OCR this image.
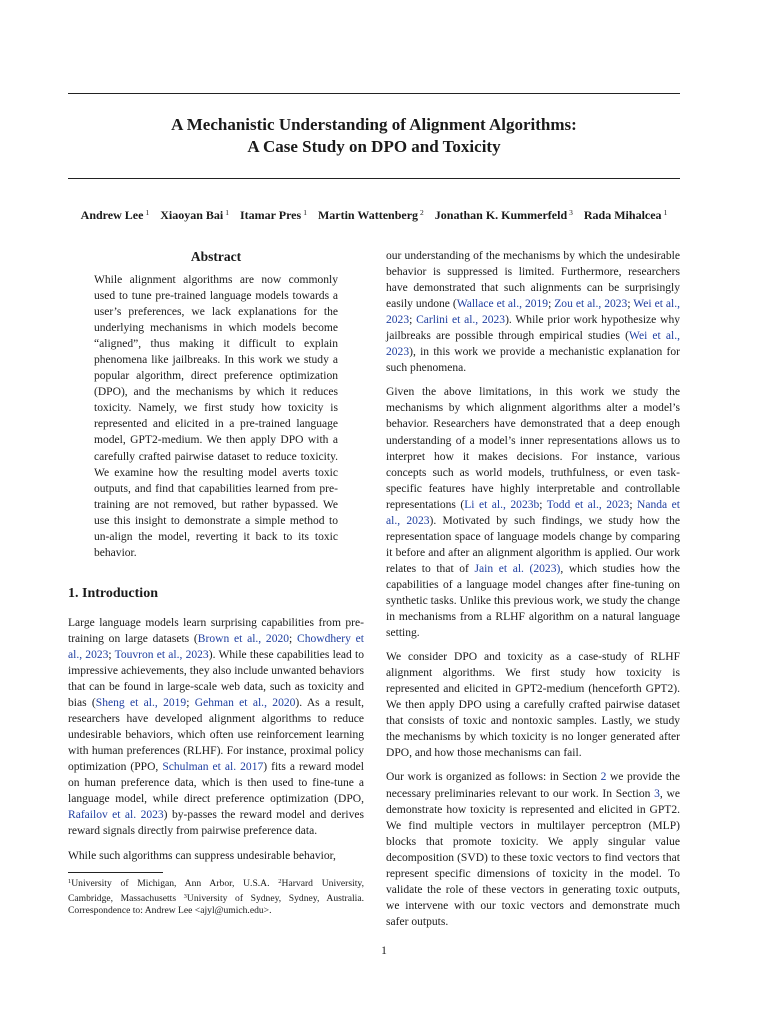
A Mechanistic Understanding of Alignment Algorithms:
A Case Study on DPO and Toxicity
Andrew Lee $^1$ Xiaoyan Bai $^1$ Itamar Pres $^1$ Martin Wattenberg $^2$ Jonathan K. Kummerfeld $^3$ Rada Mihalcea $^1$
Abstract

While alignment algorithms are now commonly used to tune pre-trained language models towards a user’s preferences, we lack explanations for the underlying mechanisms in which models become “aligned”, thus making it difficult to explain phenomena like jailbreaks. In this work we study a popular algorithm, direct preference optimization (DPO), and the mechanisms by which it reduces toxicity. Namely, we first study how toxicity is represented and elicited in a pre-trained language model, GPT2-medium. We then apply DPO with a carefully crafted pairwise dataset to reduce toxicity. We examine how the resulting model averts toxic outputs, and find that capabilities learned from pre-training are not removed, but rather bypassed. We use this insight to demonstrate a simple method to un-align the model, reverting it back to its toxic behavior.

1. Introduction

Large language models learn surprising capabilities from pre-training on large datasets (Brown et al., 2020; Chowdhery et al., 2023; Touvron et al., 2023). While these capabilities lead to impressive achievements, they also include unwanted behaviors that can be found in large-scale web data, such as toxicity and bias (Sheng et al., 2019; Gehman et al., 2020). As a result, researchers have developed alignment algorithms to reduce undesirable behaviors, which often use reinforcement learning with human preferences (RLHF). For instance, proximal policy optimization (PPO, Schulman et al. 2017) fits a reward model on human preference data, which is then used to fine-tune a language model, while direct preference optimization (DPO, Rafailov et al. 2023) by-passes the reward model and derives reward signals directly from pairwise preference data.

While such algorithms can suppress undesirable behavior,

$^1$University of Michigan, Ann Arbor, U.S.A. $^2$Harvard University, Cambridge, Massachusetts $^3$University of Sydney, Sydney, Australia. Correspondence to: Andrew Lee <ajyl@umich.edu>.

our understanding of the mechanisms by which the undesirable behavior is suppressed is limited. Furthermore, researchers have demonstrated that such alignments can be surprisingly easily undone (Wallace et al., 2019; Zou et al., 2023; Wei et al., 2023; Carlini et al., 2023). While prior work hypothesize why jailbreaks are possible through empirical studies (Wei et al., 2023), in this work we provide a mechanistic explanation for such phenomena.

Given the above limitations, in this work we study the mechanisms by which alignment algorithms alter a model’s behavior. Researchers have demonstrated that a deep enough understanding of a model’s inner representations allows us to interpret how it makes decisions. For instance, various concepts such as world models, truthfulness, or even task-specific features have highly interpretable and controllable representations (Li et al., 2023b; Todd et al., 2023; Nanda et al., 2023). Motivated by such findings, we study how the representation space of language models change by comparing it before and after an alignment algorithm is applied. Our work relates to that of Jain et al. (2023), which studies how the capabilities of a language model changes after fine-tuning on synthetic tasks. Unlike this previous work, we study the change in mechanisms from a RLHF algorithm on a natural language setting.

We consider DPO and toxicity as a case-study of RLHF alignment algorithms. We first study how toxicity is represented and elicited in GPT2-medium (henceforth GPT2). We then apply DPO using a carefully crafted pairwise dataset that consists of toxic and nontoxic samples. Lastly, we study the mechanisms by which toxicity is no longer generated after DPO, and how those mechanisms can fail.

Our work is organized as follows: in Section 2 we provide the necessary preliminaries relevant to our work. In Section 3, we demonstrate how toxicity is represented and elicited in GPT2. We find multiple vectors in multilayer perceptron (MLP) blocks that promote toxicity. We apply singular value decomposition (SVD) to these toxic vectors to find vectors that represent specific dimensions of toxicity in the model. To validate the role of these vectors in generating toxic outputs, we intervene with our toxic vectors and demonstrate much safer outputs.

1
